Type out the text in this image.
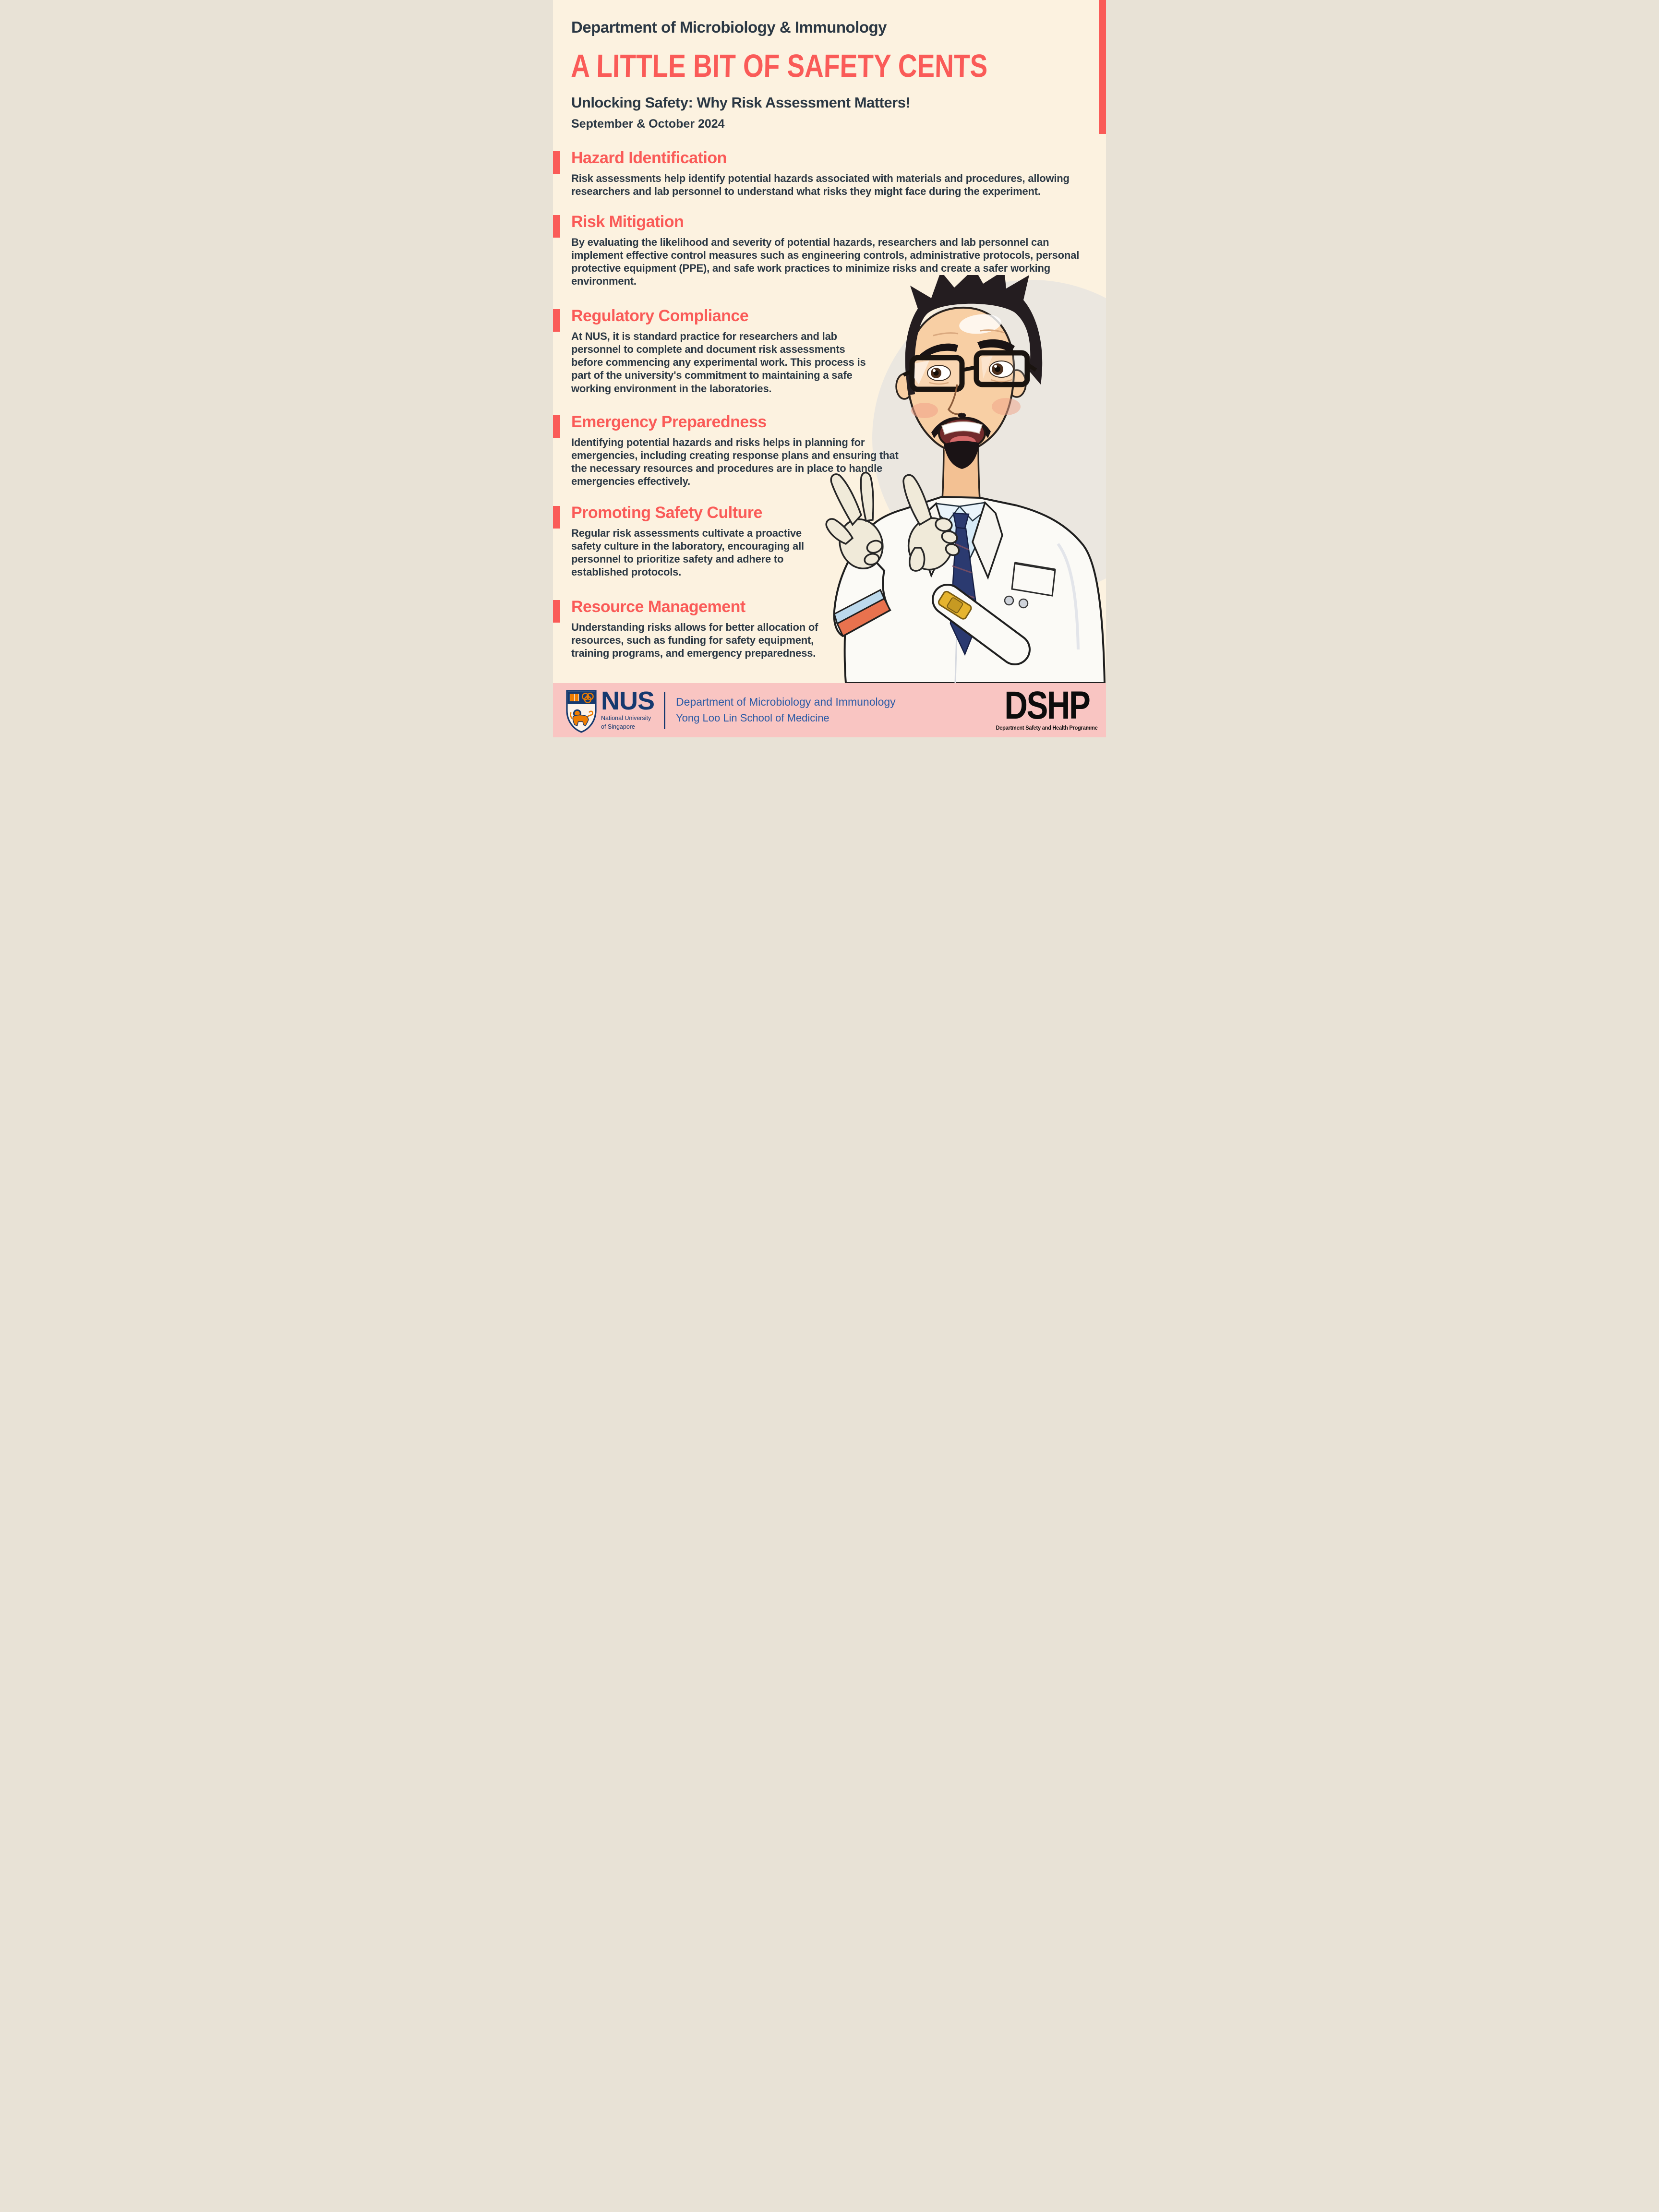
Department of Microbiology & Immunology

A LITTLE BIT OF SAFETY CENTS

Unlocking Safety: Why Risk Assessment Matters!

September & October 2024

Hazard Identification

Risk assessments help identify potential hazards associated with materials and procedures, allowing researchers and lab personnel to understand what risks they might face during the experiment.

Risk Mitigation

By evaluating the likelihood and severity of potential hazards, researchers and lab personnel can implement effective control measures such as engineering controls, administrative protocols, personal protective equipment (PPE), and safe work practices to minimize risks and create a safer working environment.

Regulatory Compliance

At NUS, it is standard practice for researchers and lab personnel to complete and document risk assessments before commencing any experimental work. This process is part of the university's commitment to maintaining a safe working environment in the laboratories.

Emergency Preparedness

Identifying potential hazards and risks helps in planning for emergencies, including creating response plans and ensuring that the necessary resources and procedures are in place to handle emergencies effectively.

Promoting Safety Culture

Regular risk assessments cultivate a proactive safety culture in the laboratory, encouraging all personnel to prioritize safety and adhere to established protocols.

Resource Management

Understanding risks allows for better allocation of resources, such as funding for safety equipment, training programs, and emergency preparedness.

NUS
National University
of Singapore
Department of Microbiology and Immunology
Yong Loo Lin School of Medicine	DSHP
Department Safety and Health Programme
